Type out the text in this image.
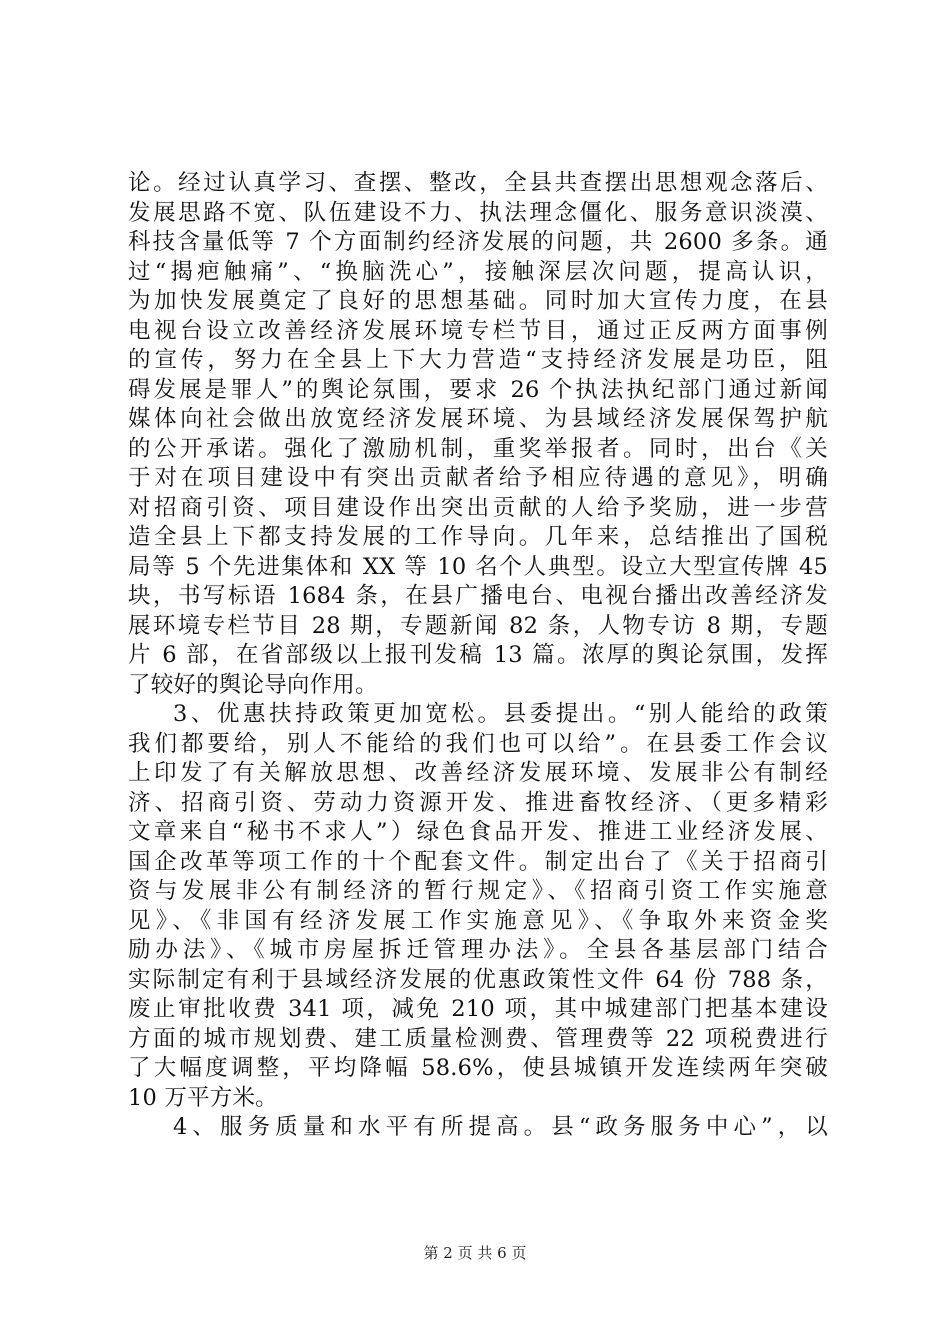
论。经过认真学习、查摆、整改，全县共查摆出思想观念落后、
发展思路不宽、队伍建设不力、执法理念僵化、服务意识淡漠、
科技含量低等 7 个方面制约经济发展的问题，共 2600 多条。通
过“揭疤触痛”、“换脑洗心”，接触深层次问题，提高认识，
为加快发展奠定了良好的思想基础。同时加大宣传力度，在县
电视台设立改善经济发展环境专栏节目，通过正反两方面事例
的宣传，努力在全县上下大力营造“支持经济发展是功臣，阻
碍发展是罪人”的舆论氛围，要求 26 个执法执纪部门通过新闻
媒体向社会做出放宽经济发展环境、为县域经济发展保驾护航
的公开承诺。强化了激励机制，重奖举报者。同时，出台《关
于对在项目建设中有突出贡献者给予相应待遇的意见》，明确
对招商引资、项目建设作出突出贡献的人给予奖励，进一步营
造全县上下都支持发展的工作导向。几年来，总结推出了国税
局等 5 个先进集体和 XX 等 10 名个人典型。设立大型宣传牌 45
块，书写标语 1684 条，在县广播电台、电视台播出改善经济发
展环境专栏节目 28 期，专题新闻 82 条，人物专访 8 期，专题
片 6 部，在省部级以上报刊发稿 13 篇。浓厚的舆论氛围，发挥
了较好的舆论导向作用。
3、优惠扶持政策更加宽松。县委提出。“别人能给的政策
我们都要给，别人不能给的我们也可以给”。在县委工作会议
上印发了有关解放思想、改善经济发展环境、发展非公有制经
济、招商引资、劳动力资源开发、推进畜牧经济、（更多精彩
文章来自“秘书不求人”）绿色食品开发、推进工业经济发展、
国企改革等项工作的十个配套文件。制定出台了《关于招商引
资与发展非公有制经济的暂行规定》、《招商引资工作实施意
见》、《非国有经济发展工作实施意见》、《争取外来资金奖
励办法》、《城市房屋拆迁管理办法》。全县各基层部门结合
实际制定有利于县域经济发展的优惠政策性文件 64 份 788 条，
废止审批收费 341 项，减免 210 项，其中城建部门把基本建设
方面的城市规划费、建工质量检测费、管理费等 22 项税费进行
了大幅度调整，平均降幅 58.6%，使县城镇开发连续两年突破
10 万平方米。
4、服务质量和水平有所提高。县“政务服务中心”，以
第 2 页 共 6 页
